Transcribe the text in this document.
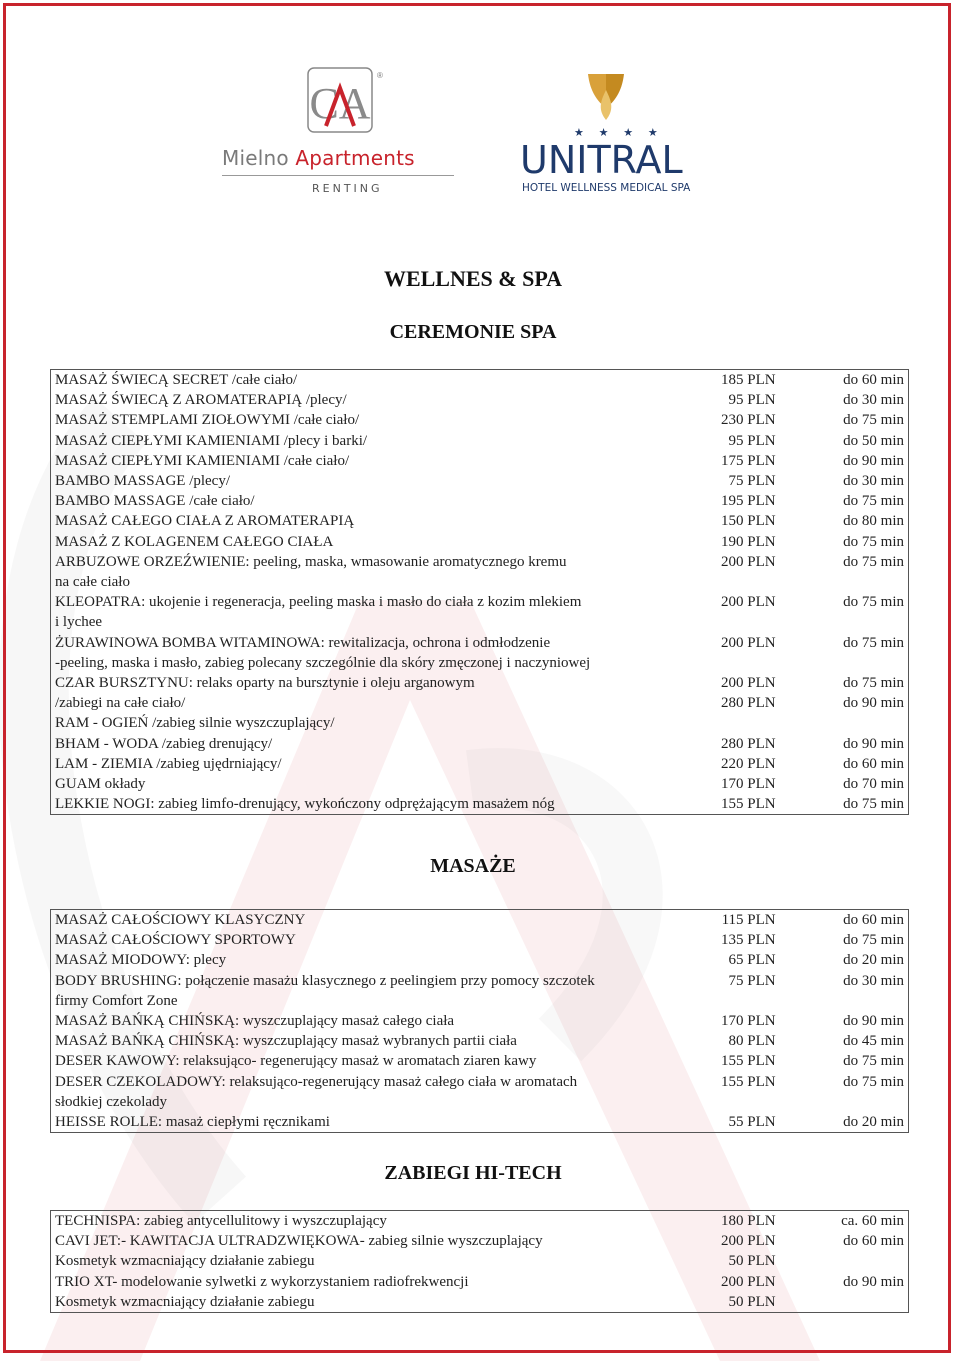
CA
®
Mielno Apartments
RENTING
★ ★ ★ ★
UNITRAL
HOTEL WELLNESS MEDICAL SPA
WELLNES & SPA
CEREMONIE SPA
MASAŻ ŚWIECĄ SECRET /całe ciało/	185 PLN	do 60 min
MASAŻ ŚWIECĄ Z AROMATERAPIĄ /plecy/	95 PLN	do 30 min
MASAŻ STEMPLAMI ZIOŁOWYMI /całe ciało/	230 PLN	do 75 min
MASAŻ CIEPŁYMI KAMIENIAMI /plecy i barki/	95 PLN	do 50 min
MASAŻ CIEPŁYMI KAMIENIAMI /całe ciało/	175 PLN	do 90 min
BAMBO MASSAGE /plecy/	75 PLN	do 30 min
BAMBO MASSAGE /całe ciało/	195 PLN	do 75 min
MASAŻ CAŁEGO CIAŁA Z AROMATERAPIĄ	150 PLN	do 80 min
MASAŻ Z KOLAGENEM CAŁEGO CIAŁA	190 PLN	do 75 min
ARBUZOWE ORZEŹWIENIE: peeling, maska, wmasowanie aromatycznego kremu	200 PLN	do 75 min
na całe ciało		
KLEOPATRA: ukojenie i regeneracja, peeling maska i masło do ciała z kozim mlekiem	200 PLN	do 75 min
i lychee		
ŻURAWINOWA BOMBA WITAMINOWA: rewitalizacja, ochrona i odmłodzenie	200 PLN	do 75 min
-peeling, maska i masło, zabieg polecany szczególnie dla skóry zmęczonej i naczyniowej		
CZAR BURSZTYNU: relaks oparty na bursztynie i oleju arganowym	200 PLN	do 75 min
/zabiegi na całe ciało/	280 PLN	do 90 min
RAM - OGIEŃ /zabieg silnie wyszczuplający/		
BHAM - WODA /zabieg drenujący/	280 PLN	do 90 min
LAM - ZIEMIA /zabieg ujędrniający/	220 PLN	do 60 min
GUAM okłady	170 PLN	do 70 min
LEKKIE NOGI: zabieg limfo-drenujący, wykończony odprężającym masażem nóg	155 PLN	do 75 min
MASAŻE
MASAŻ CAŁOŚCIOWY KLASYCZNY	115 PLN	do 60 min
MASAŻ CAŁOŚCIOWY SPORTOWY	135 PLN	do 75 min
MASAŻ MIODOWY: plecy	65 PLN	do 20 min
BODY BRUSHING: połączenie masażu klasycznego z peelingiem przy pomocy szczotek	75 PLN	do 30 min
firmy Comfort Zone		
MASAŻ BAŃKĄ CHIŃSKĄ: wyszczuplający masaż całego ciała	170 PLN	do 90 min
MASAŻ BAŃKĄ CHIŃSKĄ: wyszczuplający masaż wybranych partii ciała	80 PLN	do 45 min
DESER KAWOWY: relaksująco- regenerujący masaż w aromatach ziaren kawy	155 PLN	do 75 min
DESER CZEKOLADOWY: relaksująco-regenerujący masaż całego ciała w aromatach	155 PLN	do 75 min
słodkiej czekolady		
HEISSE ROLLE: masaż ciepłymi ręcznikami	55 PLN	do 20 min
ZABIEGI HI-TECH
TECHNISPA: zabieg antycellulitowy i wyszczuplający	180 PLN	ca. 60 min
CAVI JET:- KAWITACJA ULTRADZWIĘKOWA- zabieg silnie wyszczuplający	200 PLN	do 60 min
Kosmetyk wzmacniający działanie zabiegu	50 PLN	
TRIO XT- modelowanie sylwetki z wykorzystaniem radiofrekwencji	200 PLN	do 90 min
Kosmetyk wzmacniający działanie zabiegu	50 PLN	
